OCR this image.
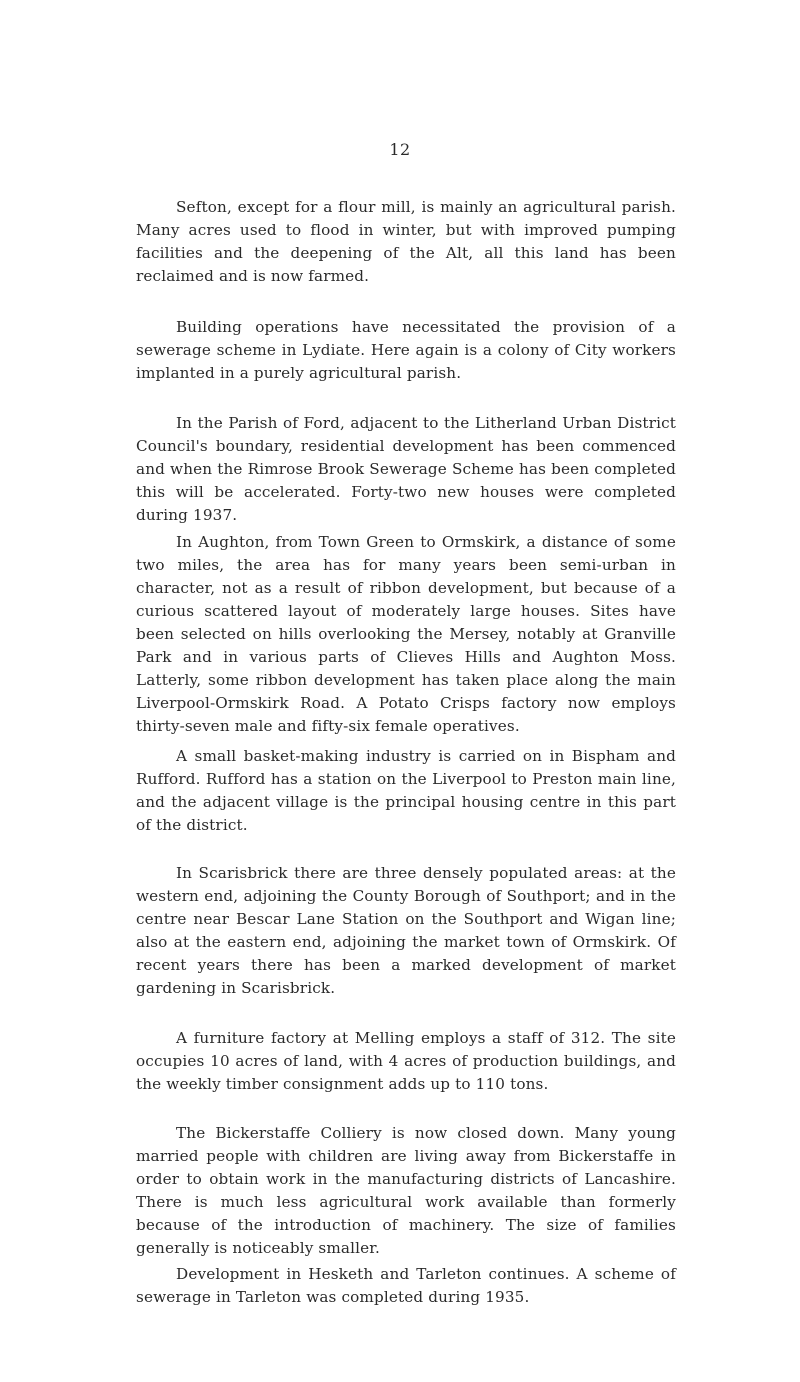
12

Sefton, except for a flour mill, is mainly an agricultural parish. Many acres used to flood in winter, but with improved pumping facilities and the deepening of the Alt, all this land has been reclaimed and is now farmed.

Building operations have necessitated the provision of a sewerage scheme in Lydiate. Here again is a colony of City workers implanted in a purely agricultural parish.

In the Parish of Ford, adjacent to the Litherland Urban District Council's boundary, residential development has been commenced and when the Rimrose Brook Sewerage Scheme has been completed this will be accelerated. Forty-two new houses were completed during 1937.

In Aughton, from Town Green to Ormskirk, a distance of some two miles, the area has for many years been semi-urban in character, not as a result of ribbon development, but because of a curious scattered layout of moderately large houses. Sites have been selected on hills overlooking the Mersey, notably at Granville Park and in various parts of Clieves Hills and Aughton Moss. Latterly, some ribbon development has taken place along the main Liverpool-Ormskirk Road. A Potato Crisps factory now employs thirty-seven male and fifty-six female operatives.

A small basket-making industry is carried on in Bispham and Rufford. Rufford has a station on the Liverpool to Preston main line, and the adjacent village is the principal housing centre in this part of the district.

In Scarisbrick there are three densely populated areas: at the western end, adjoining the County Borough of Southport; and in the centre near Bescar Lane Station on the Southport and Wigan line; also at the eastern end, adjoining the market town of Ormskirk. Of recent years there has been a marked development of market gardening in Scarisbrick.

A furniture factory at Melling employs a staff of 312. The site occupies 10 acres of land, with 4 acres of production buildings, and the weekly timber consignment adds up to 110 tons.

The Bickerstaffe Colliery is now closed down. Many young married people with children are living away from Bickerstaffe in order to obtain work in the manufacturing districts of Lancashire. There is much less agricultural work available than formerly because of the introduction of machinery. The size of families generally is noticeably smaller.

Development in Hesketh and Tarleton continues. A scheme of sewerage in Tarleton was completed during 1935.
